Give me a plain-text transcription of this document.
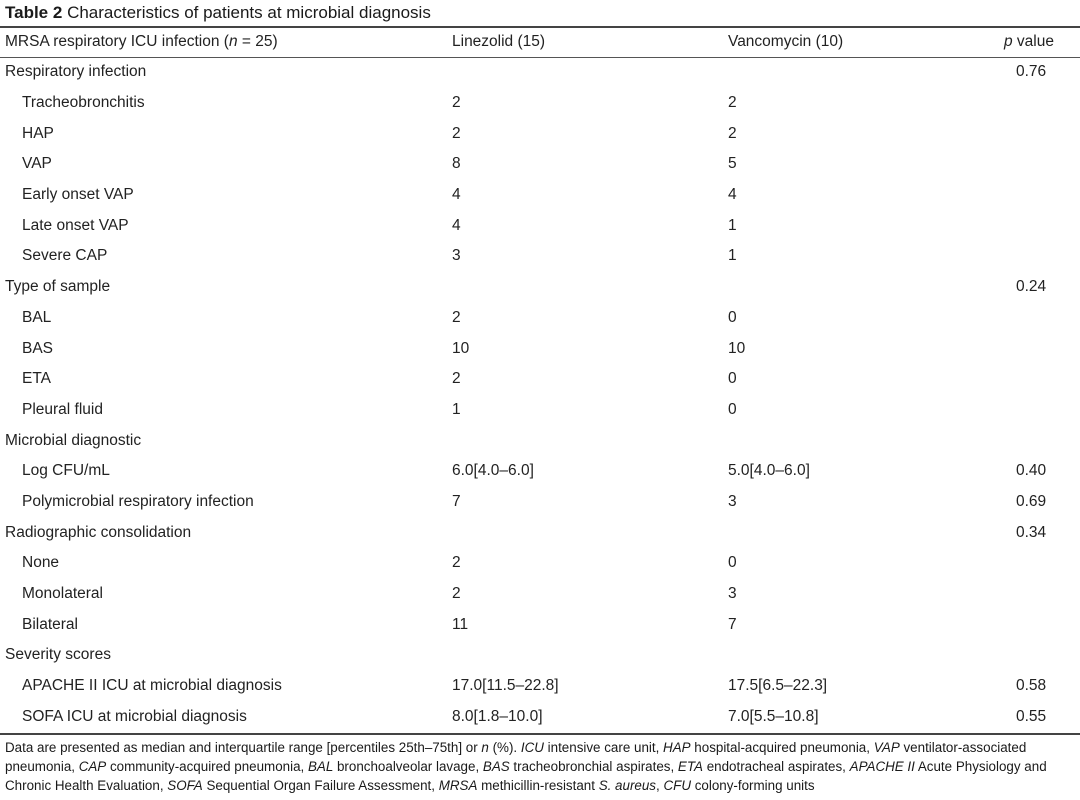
Table 2 Characteristics of patients at microbial diagnosis
MRSA respiratory ICU infection (n = 25)	Linezolid (15)	Vancomycin (10)	p value
Respiratory infection			0.76
Tracheobronchitis	2	2	
HAP	2	2	
VAP	8	5	
Early onset VAP	4	4	
Late onset VAP	4	1	
Severe CAP	3	1	
Type of sample			0.24
BAL	2	0	
BAS	10	10	
ETA	2	0	
Pleural fluid	1	0	
Microbial diagnostic			
Log CFU/mL	6.0[4.0–6.0]	5.0[4.0–6.0]	0.40
Polymicrobial respiratory infection	7	3	0.69
Radiographic consolidation			0.34
None	2	0	
Monolateral	2	3	
Bilateral	11	7	
Severity scores			
APACHE II ICU at microbial diagnosis	17.0[11.5–22.8]	17.5[6.5–22.3]	0.58
SOFA ICU at microbial diagnosis	8.0[1.8–10.0]	7.0[5.5–10.8]	0.55
Data are presented as median and interquartile range [percentiles 25th–75th] or n (%). ICU intensive care unit, HAP hospital-acquired pneumonia, VAP ventilator-associated pneumonia, CAP community-acquired pneumonia, BAL bronchoalveolar lavage, BAS tracheobronchial aspirates, ETA endotracheal aspirates, APACHE II Acute Physiology and Chronic Health Evaluation, SOFA Sequential Organ Failure Assessment, MRSA methicillin-resistant S. aureus, CFU colony-forming units
